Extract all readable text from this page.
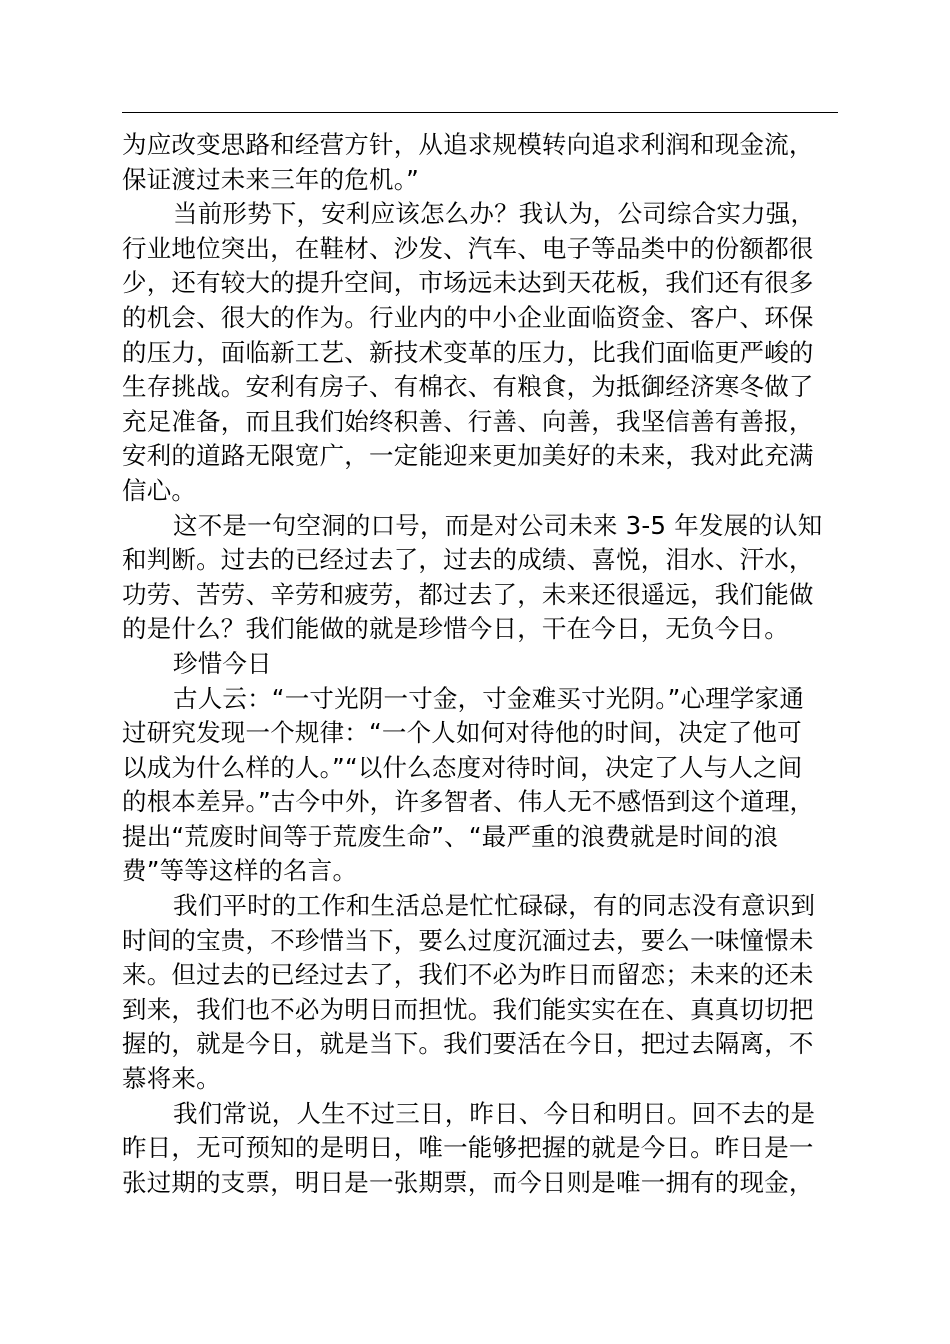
为应改变思路和经营方针，从追求规模转向追求利润和现金流，
保证渡过未来三年的危机。”
当前形势下，安利应该怎么办？我认为，公司综合实力强，
行业地位突出，在鞋材、沙发、汽车、电子等品类中的份额都很
少，还有较大的提升空间，市场远未达到天花板，我们还有很多
的机会、很大的作为。行业内的中小企业面临资金、客户、环保
的压力，面临新工艺、新技术变革的压力，比我们面临更严峻的
生存挑战。安利有房子、有棉衣、有粮食，为抵御经济寒冬做了
充足准备，而且我们始终积善、行善、向善，我坚信善有善报，
安利的道路无限宽广，一定能迎来更加美好的未来，我对此充满
信心。
这不是一句空洞的口号，而是对公司未来 3-5 年发展的认知
和判断。过去的已经过去了，过去的成绩、喜悦，泪水、汗水，
功劳、苦劳、辛劳和疲劳，都过去了，未来还很遥远，我们能做
的是什么？我们能做的就是珍惜今日，干在今日，无负今日。
珍惜今日
古人云：“一寸光阴一寸金，寸金难买寸光阴。”心理学家通
过研究发现一个规律：“一个人如何对待他的时间，决定了他可
以成为什么样的人。”“以什么态度对待时间，决定了人与人之间
的根本差异。”古今中外，许多智者、伟人无不感悟到这个道理，
提出“荒废时间等于荒废生命”、“最严重的浪费就是时间的浪
费”等等这样的名言。
我们平时的工作和生活总是忙忙碌碌，有的同志没有意识到
时间的宝贵，不珍惜当下，要么过度沉湎过去，要么一味憧憬未
来。但过去的已经过去了，我们不必为昨日而留恋；未来的还未
到来，我们也不必为明日而担忧。我们能实实在在、真真切切把
握的，就是今日，就是当下。我们要活在今日，把过去隔离，不
慕将来。
我们常说，人生不过三日，昨日、今日和明日。回不去的是
昨日，无可预知的是明日，唯一能够把握的就是今日。昨日是一
张过期的支票，明日是一张期票，而今日则是唯一拥有的现金，
